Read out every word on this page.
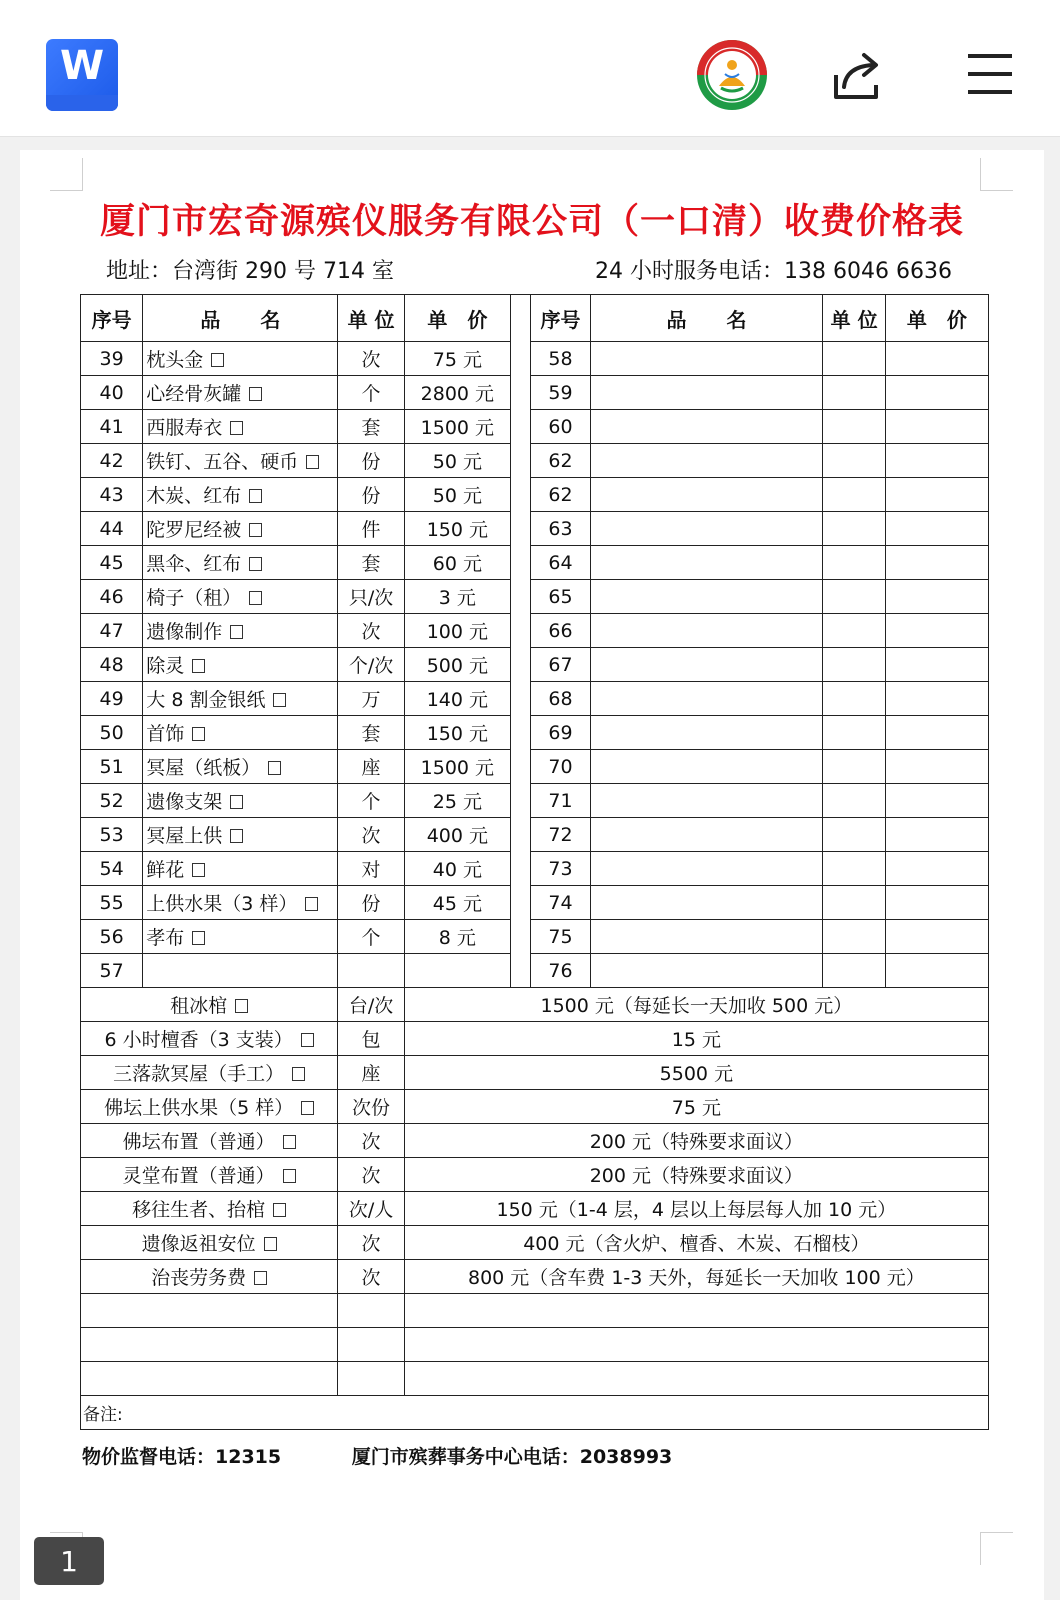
W
厦门市宏奇源殡仪服务有限公司（一口清）收费价格表
地址：台湾街 290 号 714 室	24 小时服务电话：138 6046 6636
序号	品　　名	单 位	单　价		序号	品　　名	单 位	单　价
39	枕头金	次	75 元		58			
40	心经骨灰罐	个	2800 元		59			
41	西服寿衣	套	1500 元		60			
42	铁钉、五谷、硬币	份	50 元		62			
43	木炭、红布	份	50 元		62			
44	陀罗尼经被	件	150 元		63			
45	黑伞、红布	套	60 元		64			
46	椅子（租）	只/次	3 元		65			
47	遗像制作	次	100 元		66			
48	除灵	个/次	500 元		67			
49	大 8 割金银纸	万	140 元		68			
50	首饰	套	150 元		69			
51	冥屋（纸板）	座	1500 元		70			
52	遗像支架	个	25 元		71			
53	冥屋上供	次	400 元		72			
54	鲜花	对	40 元		73			
55	上供水果（3 样）	份	45 元		74			
56	孝布	个	8 元		75			
57					76			
租冰棺		台/次	1500 元（每延长一天加收 500 元）					
6 小时檀香（3 支装）		包	15 元					
三落款冥屋（手工）		座	5500 元					
佛坛上供水果（5 样）		次份	75 元					
佛坛布置（普通）		次	200 元（特殊要求面议）					
灵堂布置（普通）		次	200 元（特殊要求面议）					
移往生者、抬棺		次/人	150 元（1-4 层，4 层以上每层每人加 10 元）					
遗像返祖安位		次	400 元（含火炉、檀香、木炭、石榴枝）					
治丧劳务费		次	800 元（含车费 1-3 天外，每延长一天加收 100 元）					

备注:								
物价监督电话：12315	厦门市殡葬事务中心电话：2038993
1
